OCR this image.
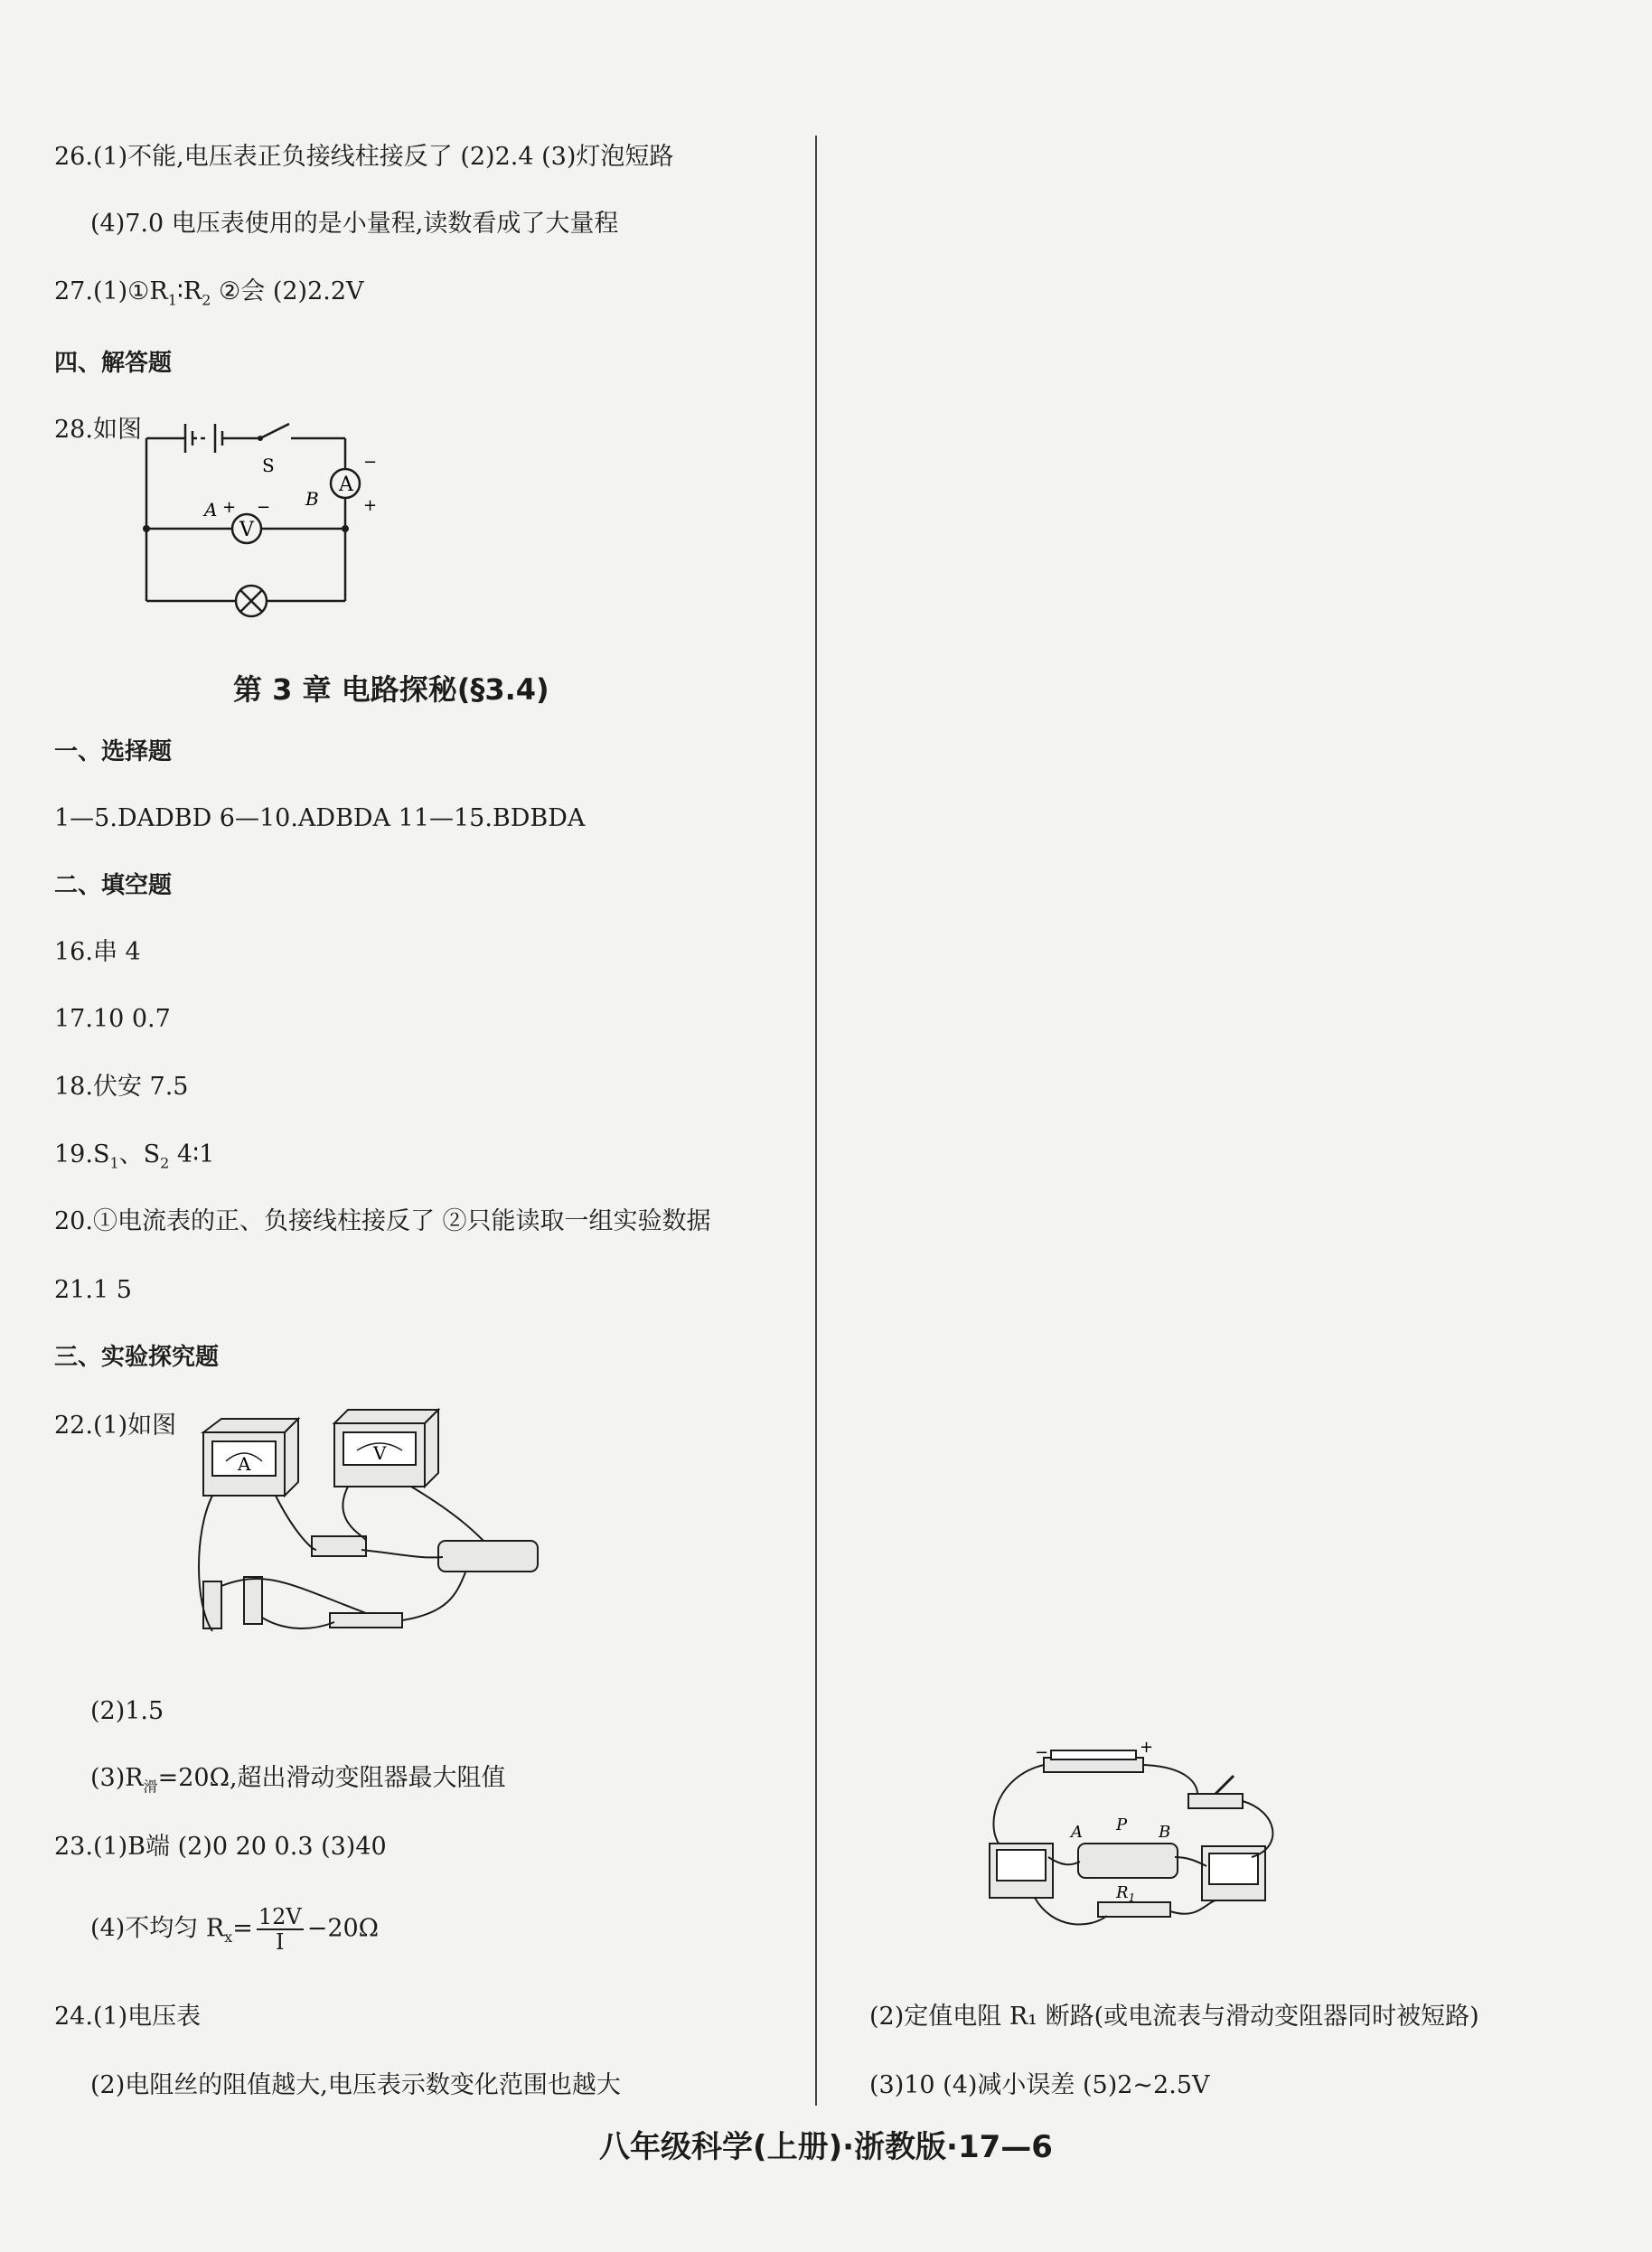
26.(1)不能,电压表正负接线柱接反了 (2)2.4 (3)灯泡短路
(4)7.0 电压表使用的是小量程,读数看成了大量程
$27.(1)①R_1∶R_2$ ②会 (2)2.2V
四、解答题
28.如图
S
A
V
A	B
+ −
−
+
第 3 章 电路探秘(§3.4)
一、选择题
1—5.DADBD 6—10.ADBDA 11—15.BDBDA
二、填空题
16.串 4
17.10 0.7
18.伏安 7.5
$19.S_1$、$S_2$ 4∶1
20.①电流表的正、负接线柱接反了 ②只能读取一组实验数据
21.1 5
三、实验探究题
22.(1)如图
A	V
(2)1.5
$(3)R_滑=20\Omega$,超出滑动变阻器最大阻值
23.(1)B端 (2)0 20 0.3 (3)40
(4)不均匀 $R_x= \frac{12V}{I} -20\Omega$
24.(1)电压表
(2)电阻丝的阻值越大,电压表示数变化范围也越大
−	+
A P B
$R_1$
(2)定值电阻 R₁ 断路(或电流表与滑动变阻器同时被短路)
(3)10 (4)减小误差 (5)2~2.5V
八年级科学(上册)·浙教版·17—6
